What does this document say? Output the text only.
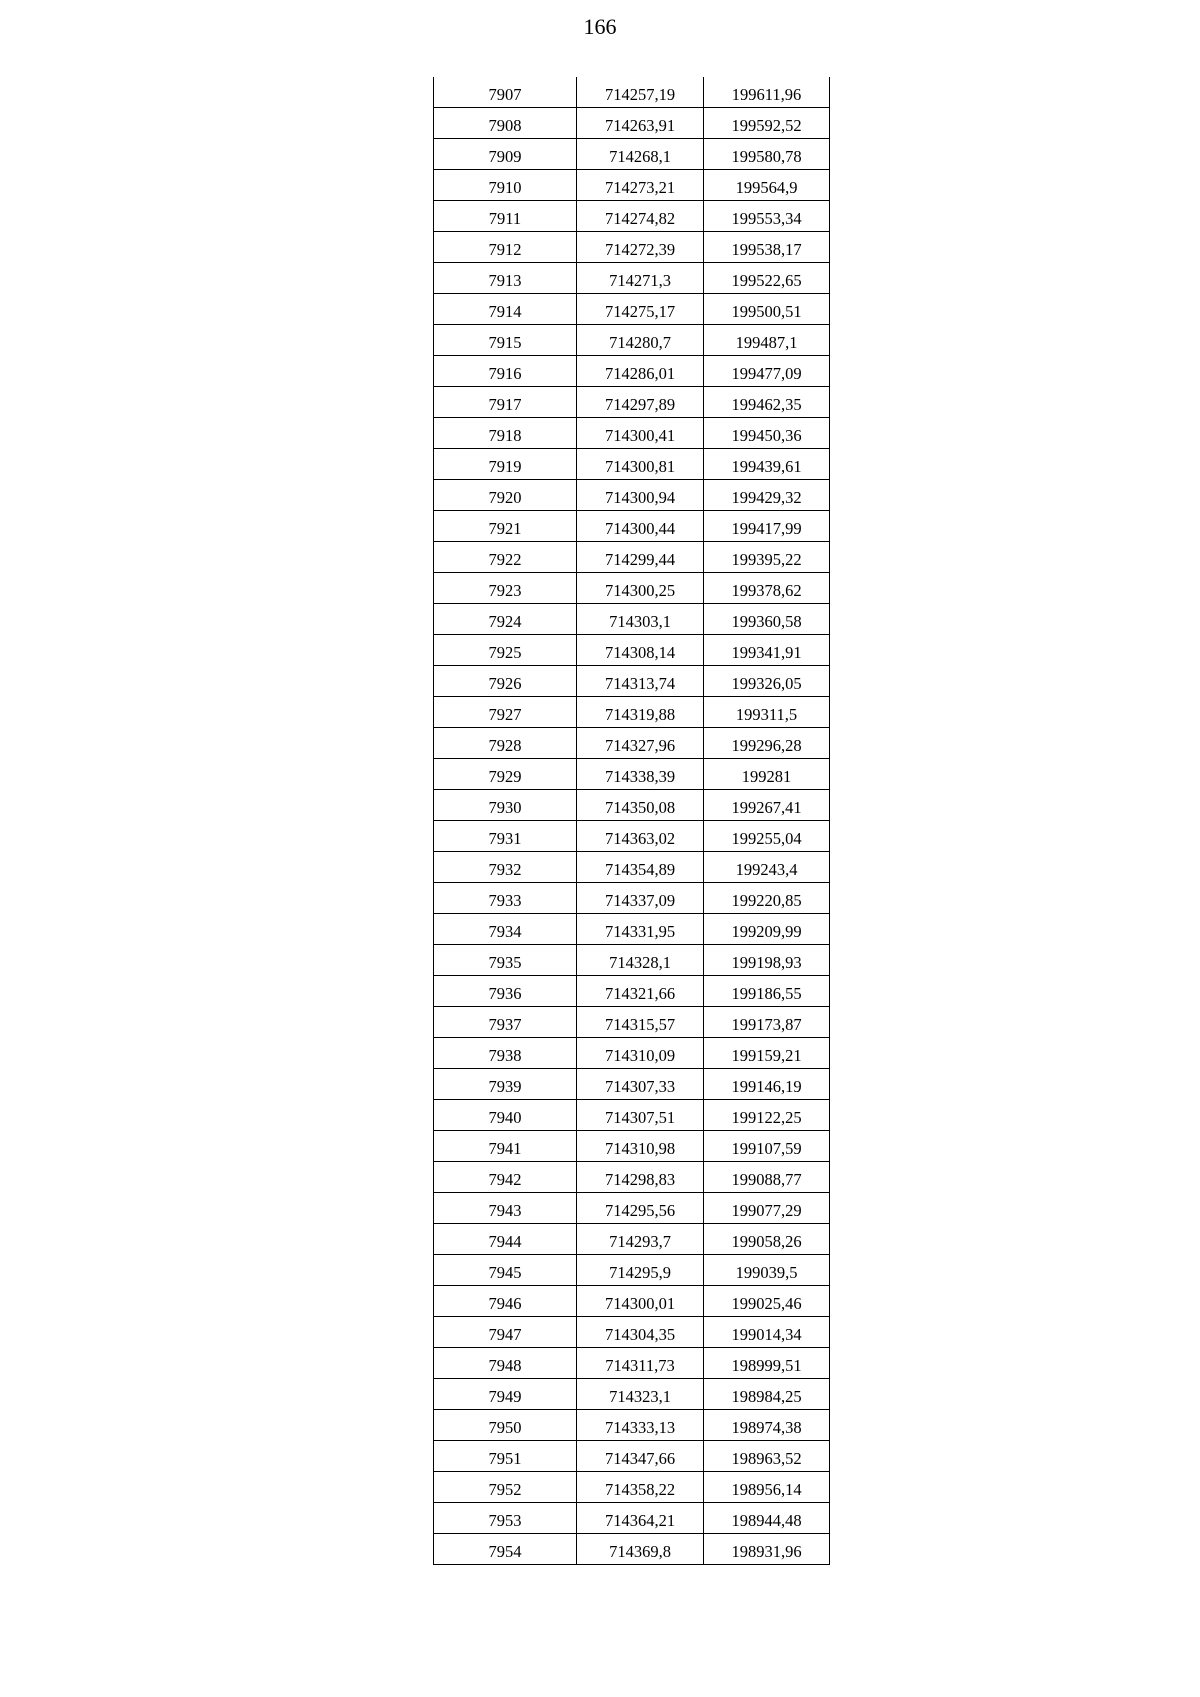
166
7907	714257,19	199611,96
7908	714263,91	199592,52
7909	714268,1	199580,78
7910	714273,21	199564,9
7911	714274,82	199553,34
7912	714272,39	199538,17
7913	714271,3	199522,65
7914	714275,17	199500,51
7915	714280,7	199487,1
7916	714286,01	199477,09
7917	714297,89	199462,35
7918	714300,41	199450,36
7919	714300,81	199439,61
7920	714300,94	199429,32
7921	714300,44	199417,99
7922	714299,44	199395,22
7923	714300,25	199378,62
7924	714303,1	199360,58
7925	714308,14	199341,91
7926	714313,74	199326,05
7927	714319,88	199311,5
7928	714327,96	199296,28
7929	714338,39	199281
7930	714350,08	199267,41
7931	714363,02	199255,04
7932	714354,89	199243,4
7933	714337,09	199220,85
7934	714331,95	199209,99
7935	714328,1	199198,93
7936	714321,66	199186,55
7937	714315,57	199173,87
7938	714310,09	199159,21
7939	714307,33	199146,19
7940	714307,51	199122,25
7941	714310,98	199107,59
7942	714298,83	199088,77
7943	714295,56	199077,29
7944	714293,7	199058,26
7945	714295,9	199039,5
7946	714300,01	199025,46
7947	714304,35	199014,34
7948	714311,73	198999,51
7949	714323,1	198984,25
7950	714333,13	198974,38
7951	714347,66	198963,52
7952	714358,22	198956,14
7953	714364,21	198944,48
7954	714369,8	198931,96
